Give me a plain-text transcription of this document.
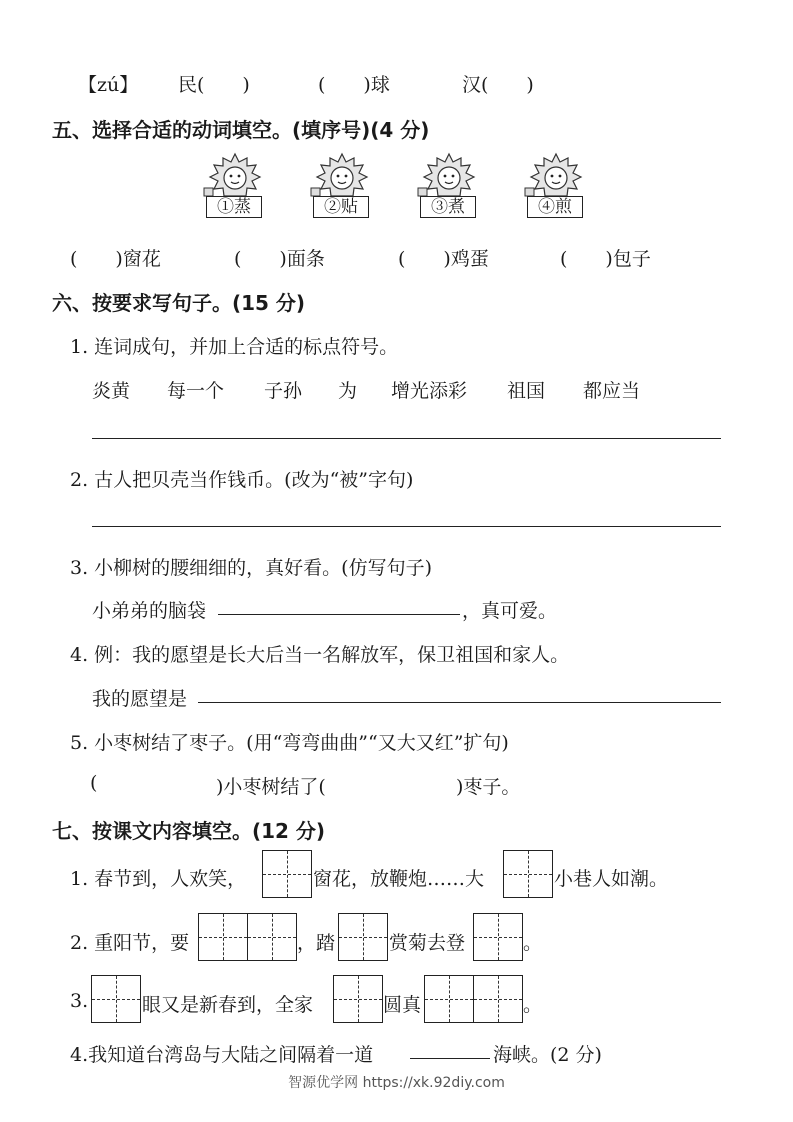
【zú】 民(　　)	(　　)球	汉(　　)
五、选择合适的动词填空。(填序号)(4 分)
①蒸	②贴	③煮	④煎
(　　)窗花	(　　)面条	(　　)鸡蛋	(　　)包子
六、按要求写句子。(15 分)
1. 连词成句，并加上合适的标点符号。
炎黄 每一个 子孙 为 增光添彩 祖国 都应当
2. 古人把贝壳当作钱币。(改为“被”字句)
3. 小柳树的腰细细的，真好看。(仿写句子)
小弟弟的脑袋	，真可爱。
4. 例：我的愿望是长大后当一名解放军，保卫祖国和家人。
我的愿望是
5. 小枣树结了枣子。(用“弯弯曲曲”“又大又红”扩句)
(	)小枣树结了(	)枣子。
七、按课文内容填空。(12 分)
1. 春节到，人欢笑，	窗花，放鞭炮……大	小巷人如潮。
2. 重阳节，要	，踏	赏菊去登	。
3.	眼又是新春到，全家	圆真	。
4.我知道台湾岛与大陆之间隔着一道	海峡。(2 分)
智源优学网 https://xk.92diy.com
